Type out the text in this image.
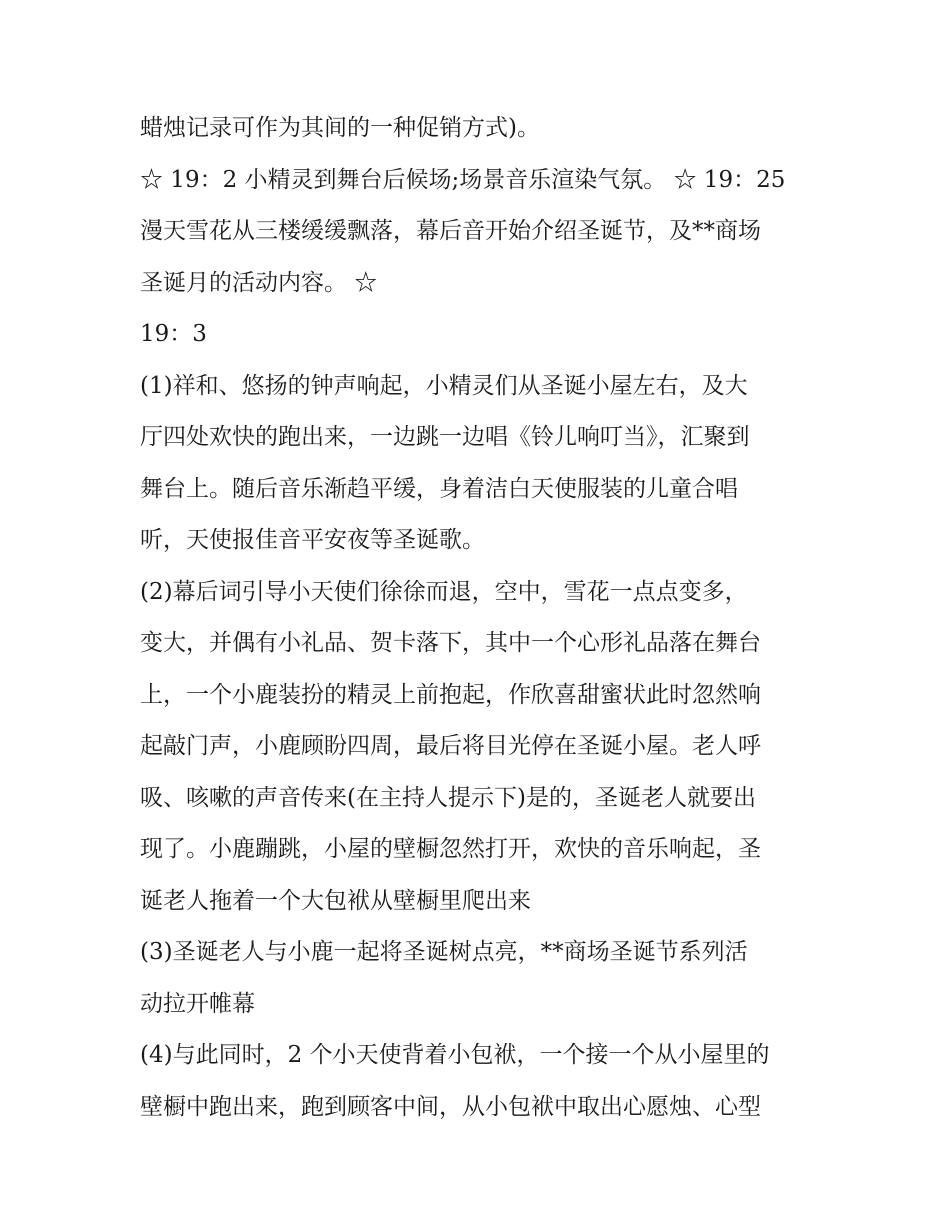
蜡烛记录可作为其间的一种促销方式)。
☆ 19：2 小精灵到舞台后候场;场景音乐渲染气氛。 ☆ 19：25
漫天雪花从三楼缓缓飘落，幕后音开始介绍圣诞节，及**商场
圣诞月的活动内容。 ☆
19：3
(1)祥和、悠扬的钟声响起，小精灵们从圣诞小屋左右，及大
厅四处欢快的跑出来，一边跳一边唱《铃儿响叮当》，汇聚到
舞台上。随后音乐渐趋平缓，身着洁白天使服装的儿童合唱
听，天使报佳音平安夜等圣诞歌。
(2)幕后词引导小天使们徐徐而退，空中，雪花一点点变多，
变大，并偶有小礼品、贺卡落下，其中一个心形礼品落在舞台
上，一个小鹿装扮的精灵上前抱起，作欣喜甜蜜状此时忽然响
起敲门声，小鹿顾盼四周，最后将目光停在圣诞小屋。老人呼
吸、咳嗽的声音传来(在主持人提示下)是的，圣诞老人就要出
现了。小鹿蹦跳，小屋的壁橱忽然打开，欢快的音乐响起，圣
诞老人拖着一个大包袱从壁橱里爬出来
(3)圣诞老人与小鹿一起将圣诞树点亮，**商场圣诞节系列活
动拉开帷幕
(4)与此同时，2 个小天使背着小包袱，一个接一个从小屋里的
壁橱中跑出来，跑到顾客中间，从小包袱中取出心愿烛、心型
